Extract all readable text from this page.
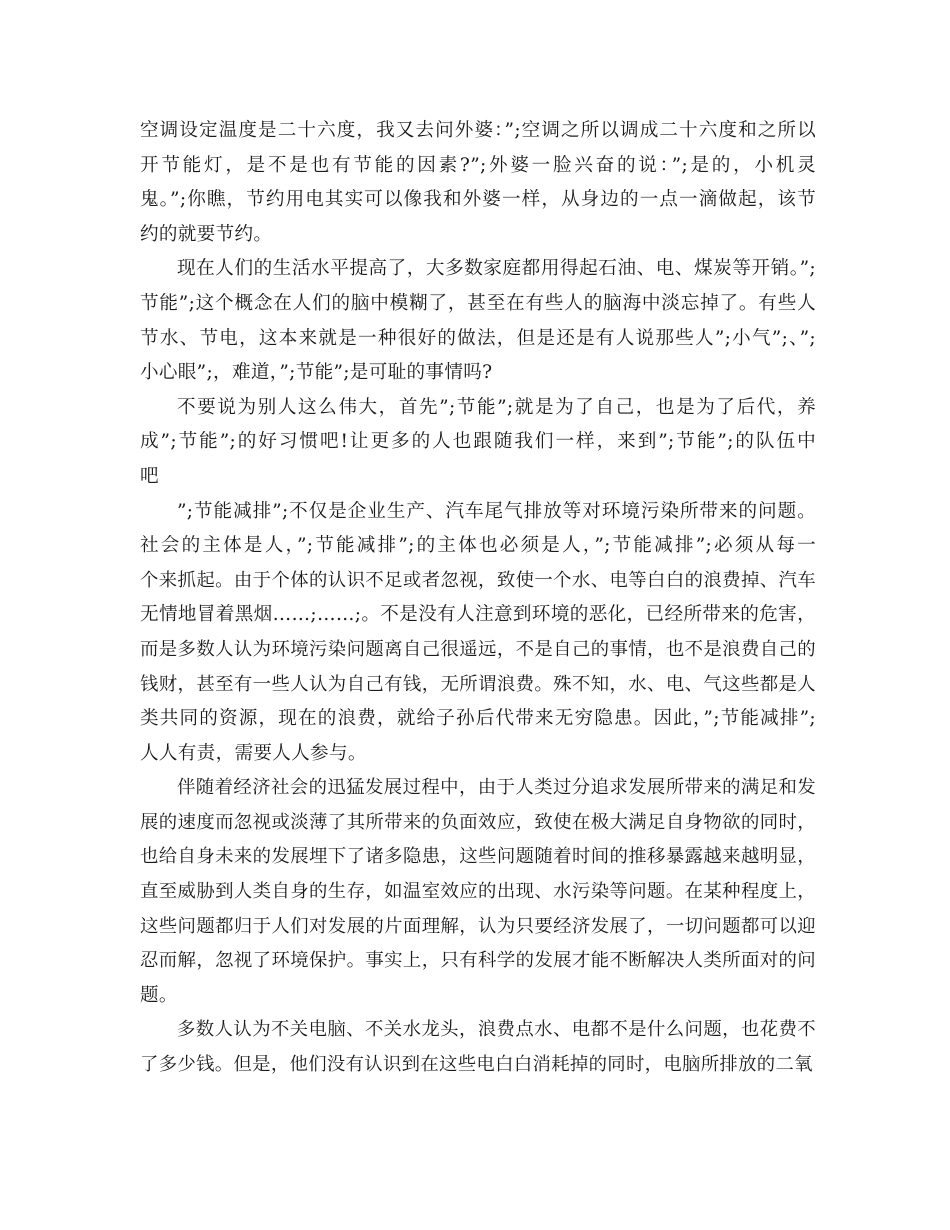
空调设定温度是二十六度，我又去问外婆：”;空调之所以调成二十六度和之所以
开节能灯，是不是也有节能的因素?”;外婆一脸兴奋的说：”;是的，小机灵
鬼。”;你瞧，节约用电其实可以像我和外婆一样，从身边的一点一滴做起，该节
约的就要节约。

现在人们的生活水平提高了，大多数家庭都用得起石油、电、煤炭等开销。”;
节能”;这个概念在人们的脑中模糊了，甚至在有些人的脑海中淡忘掉了。有些人
节水、节电，这本来就是一种很好的做法，但是还是有人说那些人”;小气”;、”;
小心眼”;，难道，”;节能”;是可耻的事情吗?

不要说为别人这么伟大，首先”;节能”;就是为了自己，也是为了后代，养
成”;节能”;的好习惯吧!让更多的人也跟随我们一样，来到”;节能”;的队伍中
吧

”;节能减排”;不仅是企业生产、汽车尾气排放等对环境污染所带来的问题。
社会的主体是人，”;节能减排”;的主体也必须是人，”;节能减排”;必须从每一
个来抓起。由于个体的认识不足或者忽视，致使一个水、电等白白的浪费掉、汽车
无情地冒着黑烟……;……;。不是没有人注意到环境的恶化，已经所带来的危害，
而是多数人认为环境污染问题离自己很遥远，不是自己的事情，也不是浪费自己的
钱财，甚至有一些人认为自己有钱，无所谓浪费。殊不知，水、电、气这些都是人
类共同的资源，现在的浪费，就给子孙后代带来无穷隐患。因此，”;节能减排”;
人人有责，需要人人参与。

伴随着经济社会的迅猛发展过程中，由于人类过分追求发展所带来的满足和发
展的速度而忽视或淡薄了其所带来的负面效应，致使在极大满足自身物欲的同时，
也给自身未来的发展埋下了诸多隐患，这些问题随着时间的推移暴露越来越明显，
直至威胁到人类自身的生存，如温室效应的出现、水污染等问题。在某种程度上，
这些问题都归于人们对发展的片面理解，认为只要经济发展了，一切问题都可以迎
忍而解，忽视了环境保护。事实上，只有科学的发展才能不断解决人类所面对的问
题。

多数人认为不关电脑、不关水龙头，浪费点水、电都不是什么问题，也花费不
了多少钱。但是，他们没有认识到在这些电白白消耗掉的同时，电脑所排放的二氧
